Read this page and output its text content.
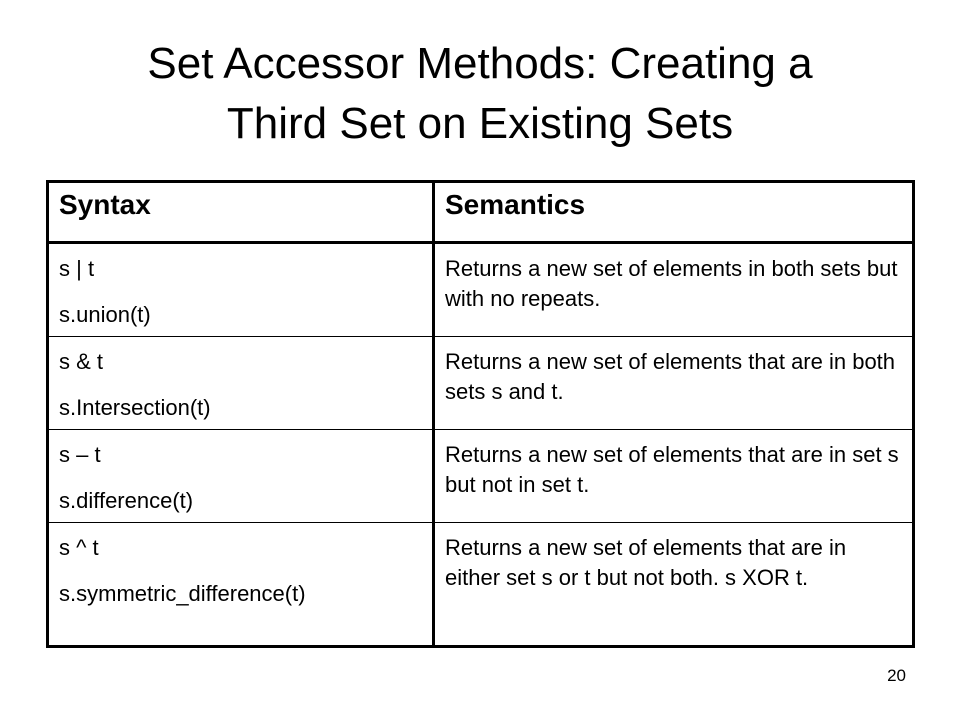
Set Accessor Methods: Creating a
Third Set on Existing Sets
Syntax	Semantics

s | t
s.union(t)	Returns a new set of elements in both sets but with no repeats.

s & t
s.Intersection(t)	Returns a new set of elements that are in both sets s and t.

s – t
s.difference(t)	Returns a new set of elements that are in set s but not in set t.

s ^ t
s.symmetric_difference(t)	Returns a new set of elements that are in either set s or t but not both. s XOR t.
20
